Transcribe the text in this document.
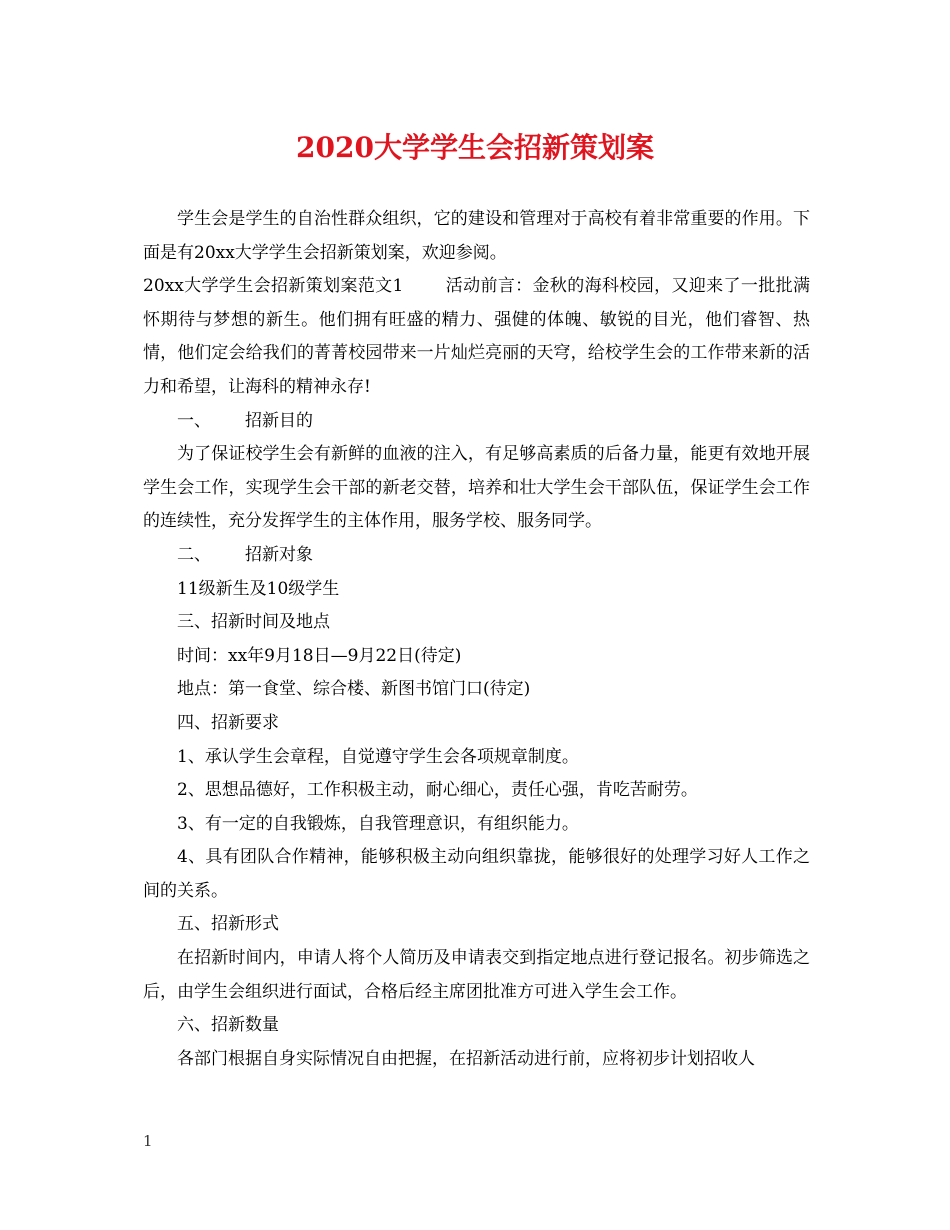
2020大学学生会招新策划案

学生会是学生的自治性群众组织，它的建设和管理对于高校有着非常重要的作用。下面是有20xx大学学生会招新策划案，欢迎参阅。

20xx大学学生会招新策划案范文1 活动前言：金秋的海科校园，又迎来了一批批满怀期待与梦想的新生。他们拥有旺盛的精力、强健的体魄、敏锐的目光，他们睿智、热情，他们定会给我们的菁菁校园带来一片灿烂亮丽的天穹，给校学生会的工作带来新的活力和希望，让海科的精神永存!

一、 招新目的

为了保证校学生会有新鲜的血液的注入，有足够高素质的后备力量，能更有效地开展学生会工作，实现学生会干部的新老交替，培养和壮大学生会干部队伍，保证学生会工作的连续性，充分发挥学生的主体作用，服务学校、服务同学。

二、 招新对象

11级新生及10级学生

三、招新时间及地点

时间：xx年9月18日—9月22日(待定)

地点：第一食堂、综合楼、新图书馆门口(待定)

四、招新要求

1、承认学生会章程，自觉遵守学生会各项规章制度。

2、思想品德好，工作积极主动，耐心细心，责任心强，肯吃苦耐劳。

3、有一定的自我锻炼，自我管理意识，有组织能力。

4、具有团队合作精神，能够积极主动向组织靠拢，能够很好的处理学习好人工作之间的关系。

五、招新形式

在招新时间内，申请人将个人简历及申请表交到指定地点进行登记报名。初步筛选之后，由学生会组织进行面试，合格后经主席团批准方可进入学生会工作。

六、招新数量

各部门根据自身实际情况自由把握，在招新活动进行前，应将初步计划招收人

1
